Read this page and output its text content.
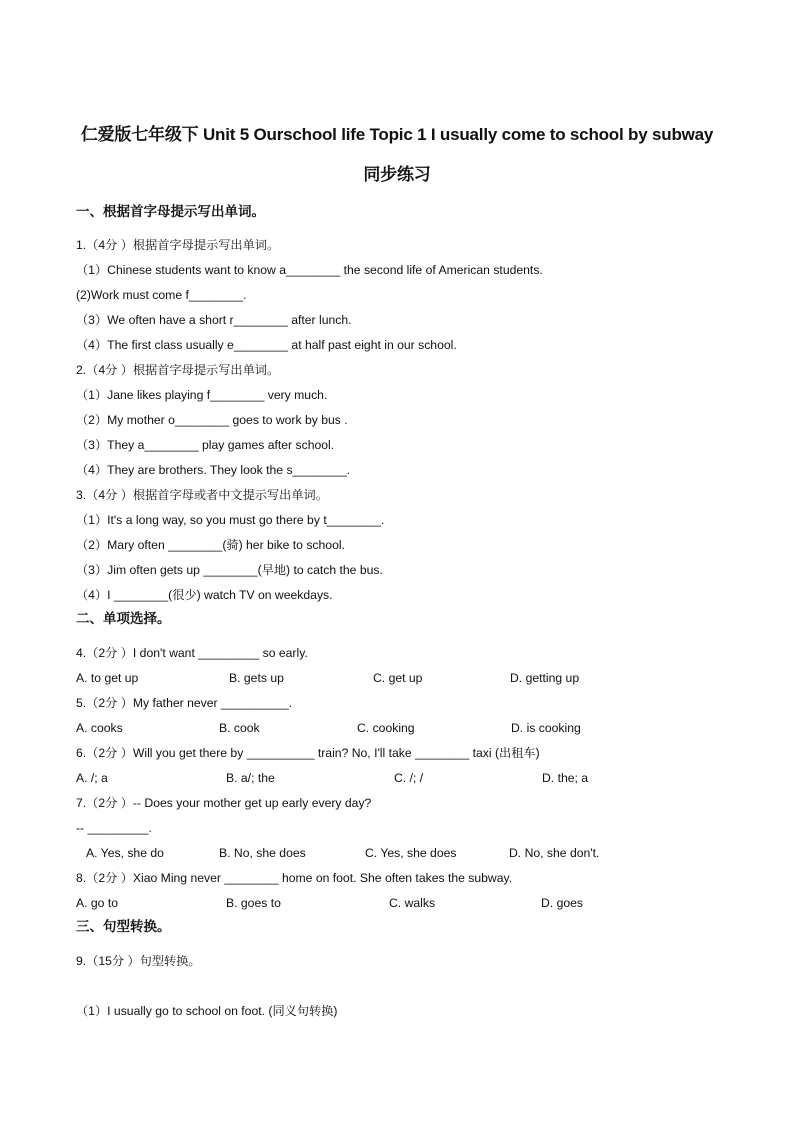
仁爱版七年级下 Unit 5 Ourschool life Topic 1 I usually come to school by subway
同步练习
一、根据首字母提示写出单词。
1.（4分 ）根据首字母提示写出单词。
（1）Chinese students want to know a________ the second life of American students.
(2)Work must come f________.
（3）We often have a short r________ after lunch.
（4）The first class usually e________ at half past eight in our school.
2.（4分 ）根据首字母提示写出单词。
（1）Jane likes playing f________ very much.
（2）My mother o________ goes to work by bus .
（3）They a________ play games after school.
（4）They are brothers. They look the s________.
3.（4分 ）根据首字母或者中文提示写出单词。
（1）It's a long way, so you must go there by t________.
（2）Mary often ________(骑) her bike to school.
（3）Jim often gets up ________(早地) to catch the bus.
（4）I ________(很少) watch TV on weekdays.
二、单项选择。
4.（2分 ）I don't want _________ so early.
A. to get up	B. gets up	C. get up	D. getting up
5.（2分 ）My father never __________.
A. cooks	B. cook	C. cooking	D. is cooking
6.（2分 ）Will you get there by __________ train? No, I'll take ________ taxi (出租车)
A. /; a	B. a/; the	C. /; /	D. the; a
7.（2分 ）-- Does your mother get up early every day?
-- _________.
A. Yes, she do	B. No, she does	C. Yes, she does	D. No, she don't.
8.（2分 ）Xiao Ming never ________ home on foot. She often takes the subway.
A. go to	B. goes to	C. walks	D. goes
三、句型转换。
9.（15分 ）句型转换。
（1）I usually go to school on foot. (同义句转换)
